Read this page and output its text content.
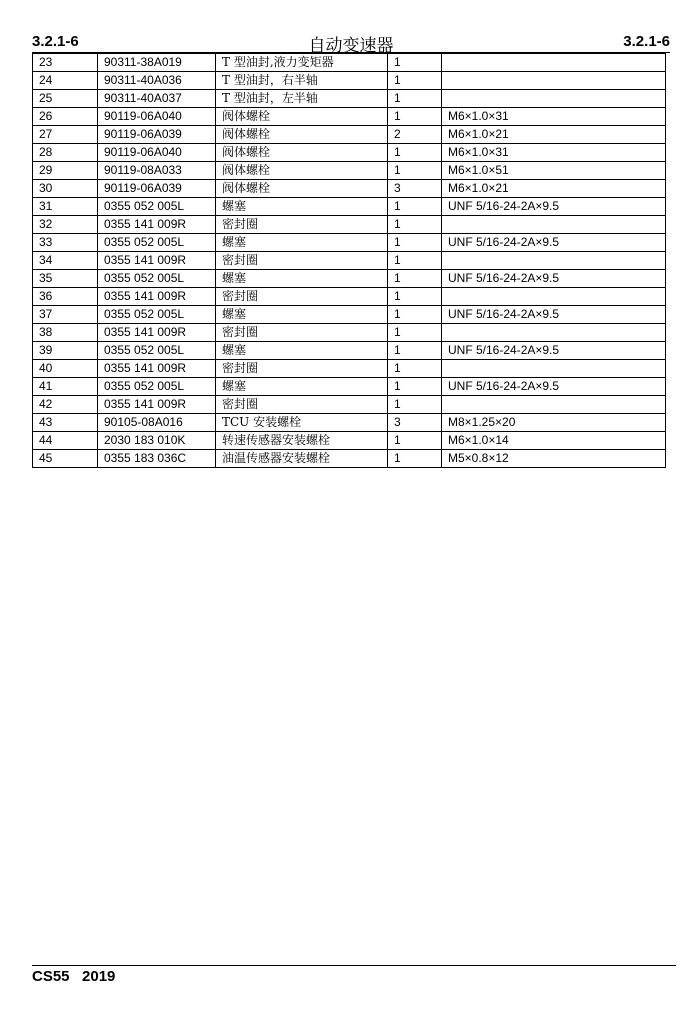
3.2.1-6	自动变速器	3.2.1-6
23	90311-38A019	T 型油封,液力变矩器	1	
24	90311-40A036	T 型油封，右半轴	1	
25	90311-40A037	T 型油封，左半轴	1	
26	90119-06A040	阀体螺栓	1	M6×1.0×31
27	90119-06A039	阀体螺栓	2	M6×1.0×21
28	90119-06A040	阀体螺栓	1	M6×1.0×31
29	90119-08A033	阀体螺栓	1	M6×1.0×51
30	90119-06A039	阀体螺栓	3	M6×1.0×21
31	0355 052 005L	螺塞	1	UNF 5/16-24-2A×9.5
32	0355 141 009R	密封圈	1	
33	0355 052 005L	螺塞	1	UNF 5/16-24-2A×9.5
34	0355 141 009R	密封圈	1	
35	0355 052 005L	螺塞	1	UNF 5/16-24-2A×9.5
36	0355 141 009R	密封圈	1	
37	0355 052 005L	螺塞	1	UNF 5/16-24-2A×9.5
38	0355 141 009R	密封圈	1	
39	0355 052 005L	螺塞	1	UNF 5/16-24-2A×9.5
40	0355 141 009R	密封圈	1	
41	0355 052 005L	螺塞	1	UNF 5/16-24-2A×9.5
42	0355 141 009R	密封圈	1	
43	90105-08A016	TCU 安装螺栓	3	M8×1.25×20
44	2030 183 010K	转速传感器安装螺栓	1	M6×1.0×14
45	0355 183 036C	油温传感器安装螺栓	1	M5×0.8×12
CS55   2019
